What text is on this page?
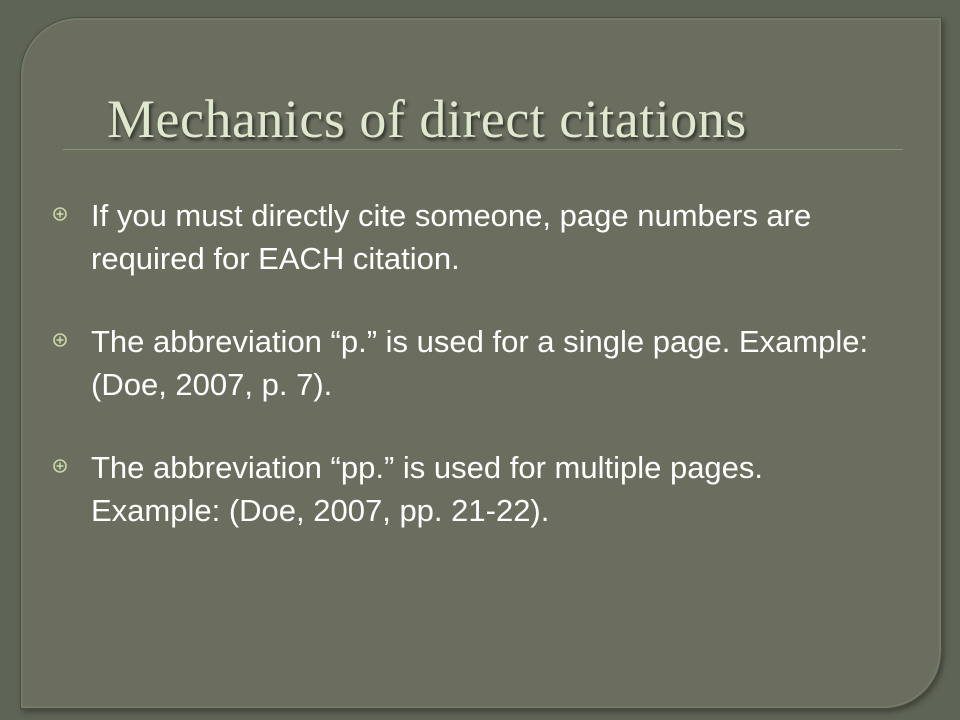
Mechanics of direct citations
If you must directly cite someone, page numbers are required for EACH citation.
The abbreviation “p.” is used for a single page. Example: (Doe, 2007, p. 7).
The abbreviation “pp.” is used for multiple pages. Example: (Doe, 2007, pp. 21-22).
